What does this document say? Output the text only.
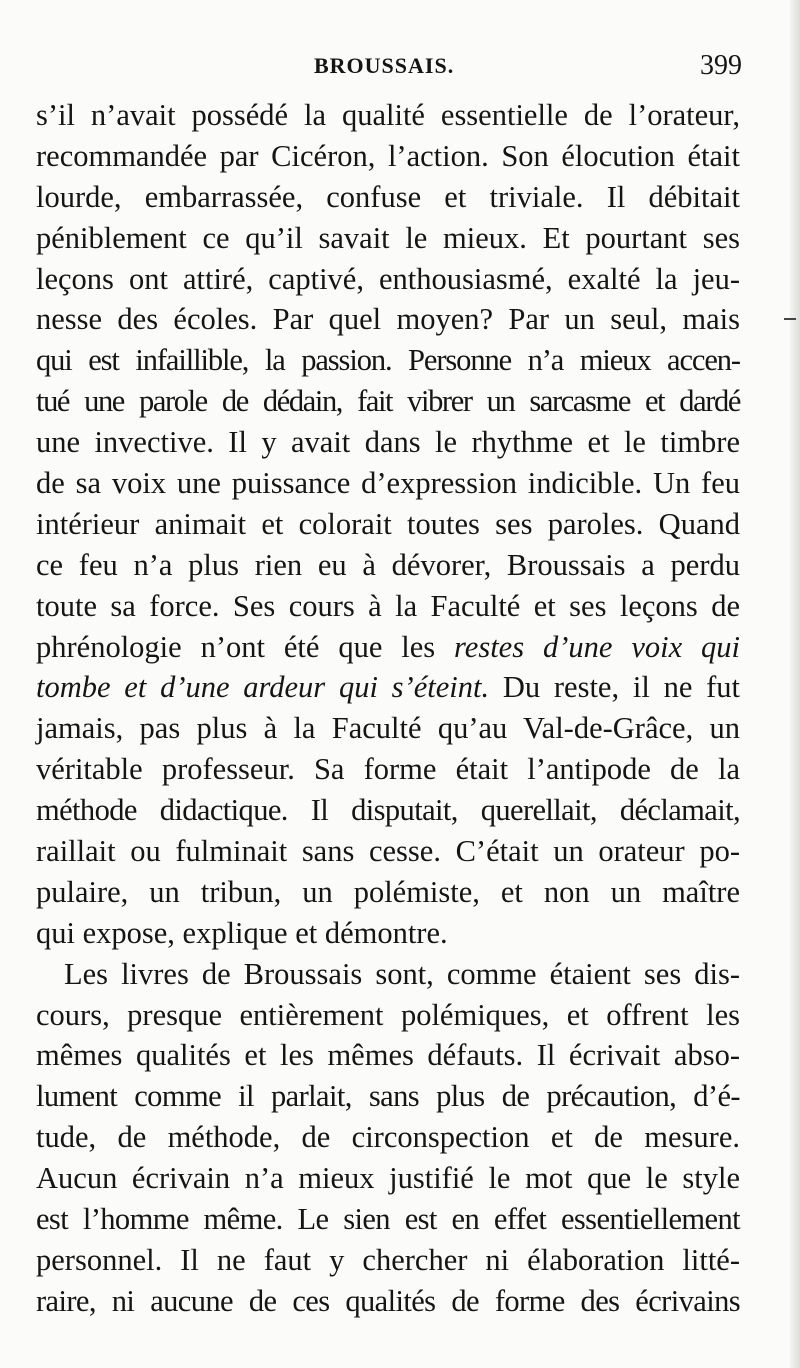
BROUSSAIS.	399
s’il n’avait possédé la qualité essentielle de l’orateur,
recommandée par Cicéron, l’action. Son élocution était
lourde, embarrassée, confuse et triviale. Il débitait
péniblement ce qu’il savait le mieux. Et pourtant ses
leçons ont attiré, captivé, enthousiasmé, exalté la jeu-
nesse des écoles. Par quel moyen? Par un seul, mais
qui est infaillible, la passion. Personne n’a mieux accen-
tué une parole de dédain, fait vibrer un sarcasme et dardé
une invective. Il y avait dans le rhythme et le timbre
de sa voix une puissance d’expression indicible. Un feu
intérieur animait et colorait toutes ses paroles. Quand
ce feu n’a plus rien eu à dévorer, Broussais a perdu
toute sa force. Ses cours à la Faculté et ses leçons de
phrénologie n’ont été que les restes d’une voix qui
tombe et d’une ardeur qui s’éteint. Du reste, il ne fut
jamais, pas plus à la Faculté qu’au Val-de-Grâce, un
véritable professeur. Sa forme était l’antipode de la
méthode didactique. Il disputait, querellait, déclamait,
raillait ou fulminait sans cesse. C’était un orateur po-
pulaire, un tribun, un polémiste, et non un maître
qui expose, explique et démontre.
Les livres de Broussais sont, comme étaient ses dis-
cours, presque entièrement polémiques, et offrent les
mêmes qualités et les mêmes défauts. Il écrivait abso-
lument comme il parlait, sans plus de précaution, d’é-
tude, de méthode, de circonspection et de mesure.
Aucun écrivain n’a mieux justifié le mot que le style
est l’homme même. Le sien est en effet essentiellement
personnel. Il ne faut y chercher ni élaboration litté-
raire, ni aucune de ces qualités de forme des écrivains
